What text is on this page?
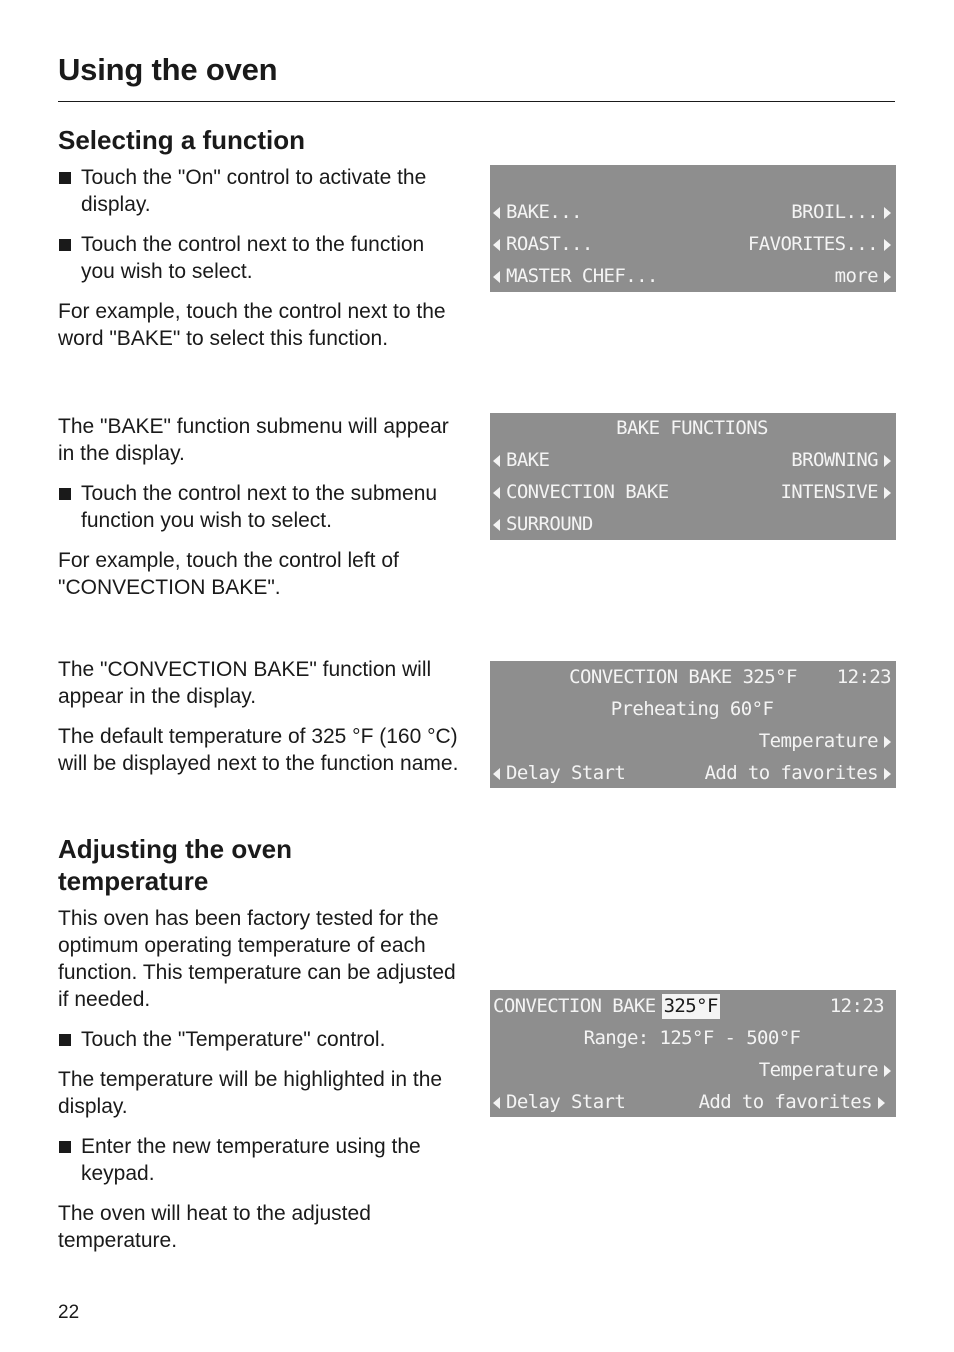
Using the oven
Selecting a function
Touch the "On" control to activate the display.
Touch the control next to the function you wish to select.

For example, touch the control next to the word "BAKE" to select this function.

The "BAKE" function submenu will appear in the display.

Touch the control next to the submenu function you wish to select.

For example, touch the control left of "CONVECTION BAKE".

The "CONVECTION BAKE" function will appear in the display.

The default temperature of 325 °F (160 °C) will be displayed next to the function name.

Adjusting the oven temperature

This oven has been factory tested for the optimum operating temperature of each function. This temperature can be adjusted if needed.

Touch the "Temperature" control.

The temperature will be highlighted in the display.

Enter the new temperature using the keypad.

The oven will heat to the adjusted temperature.

BAKE...	BROIL...
ROAST...	FAVORITES...
MASTER CHEF...	more
BAKE FUNCTIONS
BAKE	BROWNING
CONVECTION BAKE	INTENSIVE
SURROUND
CONVECTION BAKE 325°F 12:23
Preheating 60°F
Temperature
Delay Start	Add to favorites
CONVECTION BAKE 325°F	12:23
Range: 125°F - 500°F
Temperature
Delay Start	Add to favorites
22
